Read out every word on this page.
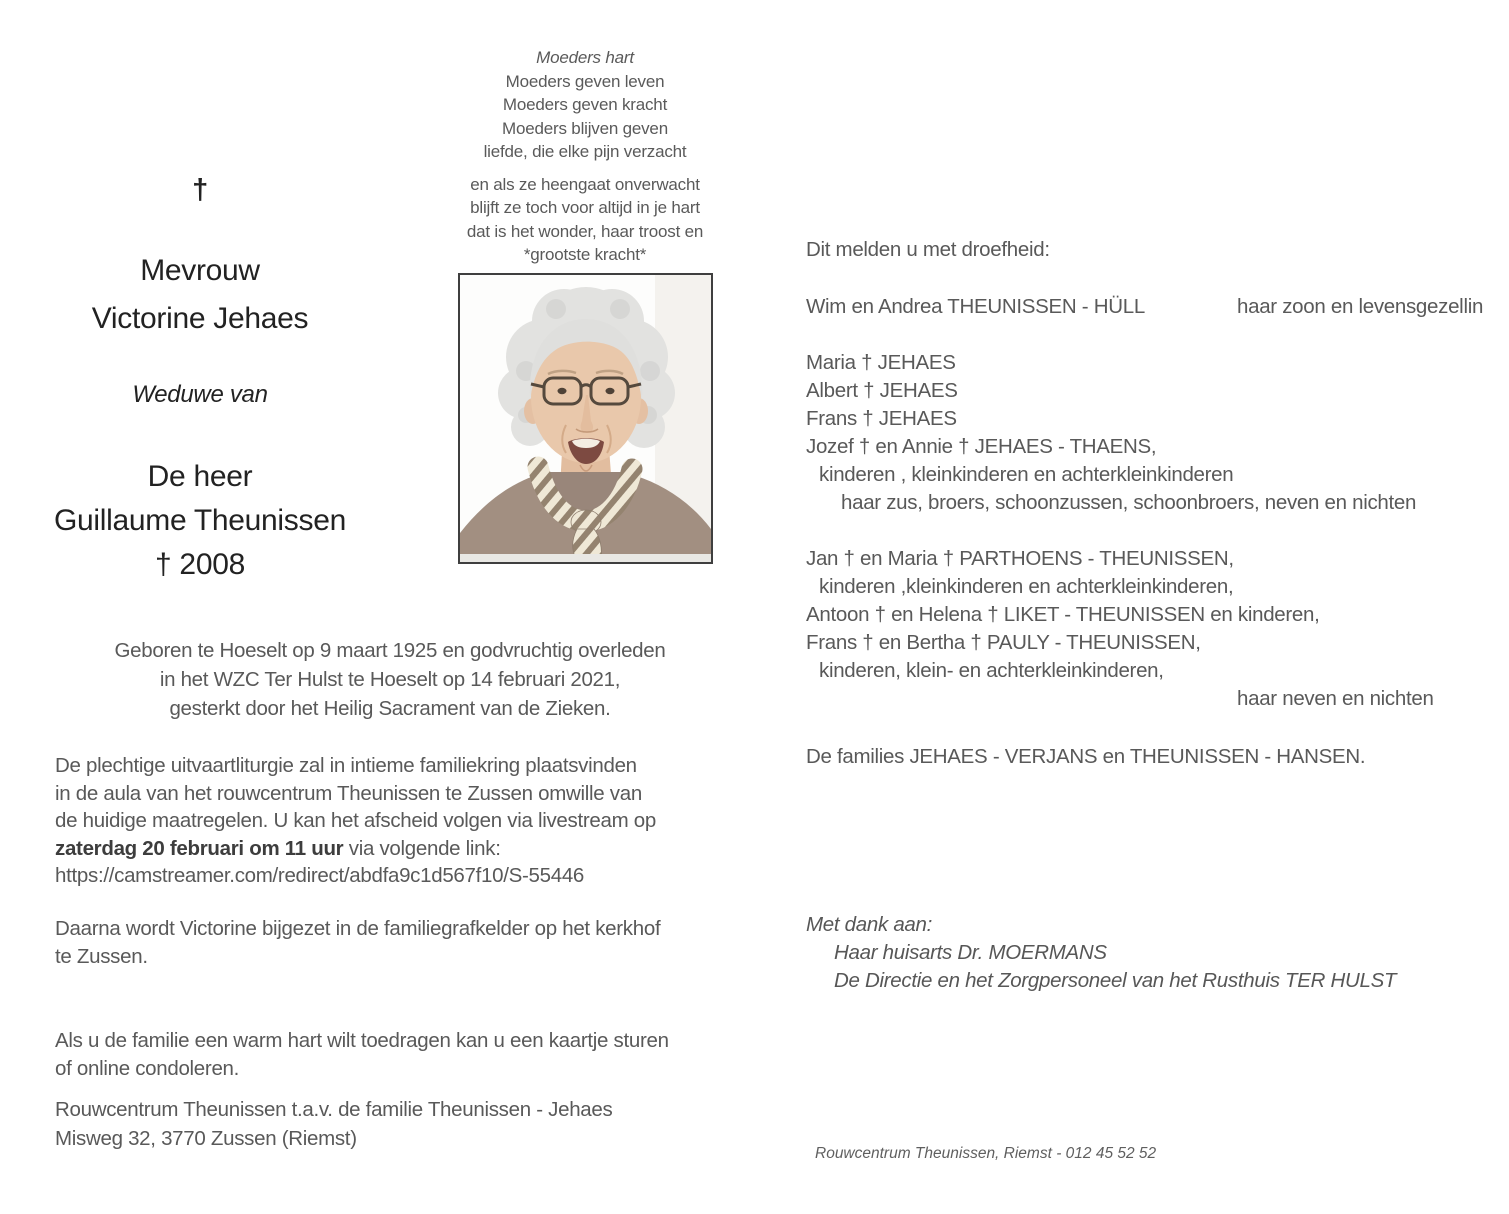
Moeders hart
Moeders geven leven
Moeders geven kracht
Moeders blijven geven
liefde, die elke pijn verzacht
en als ze heengaat onverwacht
blijft ze toch voor altijd in je hart
dat is het wonder, haar troost en
*grootste kracht*
†
Mevrouw
Victorine Jehaes
Weduwe van
De heer
Guillaume Theunissen
† 2008
Geboren te Hoeselt op 9 maart 1925 en godvruchtig overleden
in het WZC Ter Hulst te Hoeselt op 14 februari 2021,
gesterkt door het Heilig Sacrament van de Zieken.
De plechtige uitvaartliturgie zal in intieme familiekring plaatsvinden
in de aula van het rouwcentrum Theunissen te Zussen omwille van
de huidige maatregelen. U kan het afscheid volgen via livestream op
zaterdag 20 februari om 11 uur via volgende link:
https://camstreamer.com/redirect/abdfa9c1d567f10/S-55446
Daarna wordt Victorine bijgezet in de familiegrafkelder op het kerkhof
te Zussen.
Als u de familie een warm hart wilt toedragen kan u een kaartje sturen
of online condoleren.
Rouwcentrum Theunissen t.a.v. de familie Theunissen - Jehaes
Misweg 32, 3770 Zussen (Riemst)
Dit melden u met droefheid:
Wim en Andrea THEUNISSEN - HÜLL	haar zoon en levensgezellin
Maria † JEHAES
Albert † JEHAES
Frans † JEHAES
Jozef † en Annie † JEHAES - THAENS,
kinderen , kleinkinderen en achterkleinkinderen
haar zus, broers, schoonzussen, schoonbroers, neven en nichten
Jan † en Maria † PARTHOENS - THEUNISSEN,
kinderen ,kleinkinderen en achterkleinkinderen,
Antoon † en Helena † LIKET - THEUNISSEN en kinderen,
Frans † en Bertha † PAULY - THEUNISSEN,
kinderen, klein- en achterkleinkinderen,
haar neven en nichten
De families JEHAES - VERJANS en THEUNISSEN - HANSEN.
Met dank aan:
Haar huisarts Dr. MOERMANS
De Directie en het Zorgpersoneel van het Rusthuis TER HULST
Rouwcentrum Theunissen, Riemst - 012 45 52 52
